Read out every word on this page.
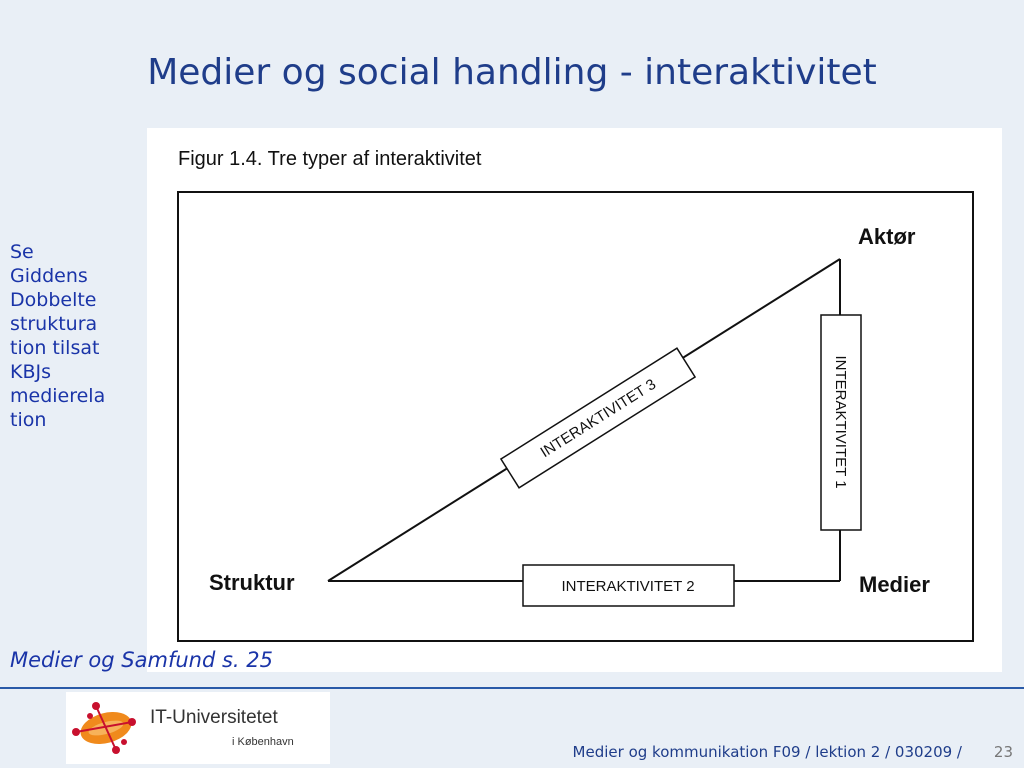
Medier og social handling - interaktivitet
Se
Giddens
Dobbelte
struktura
tion tilsat
KBJs
medierela
tion	INTERAKTIVITET 3
INTERAKTIVITET 2
INTERAKTIVITET 1
Figur 1.4. Tre typer af interaktivitet
Aktør
Struktur	Medier
Medier og Samfund s. 25
IT-Universitetet
i København
Medier og kommunikation F09 / lektion 2 / 030209 / 23
